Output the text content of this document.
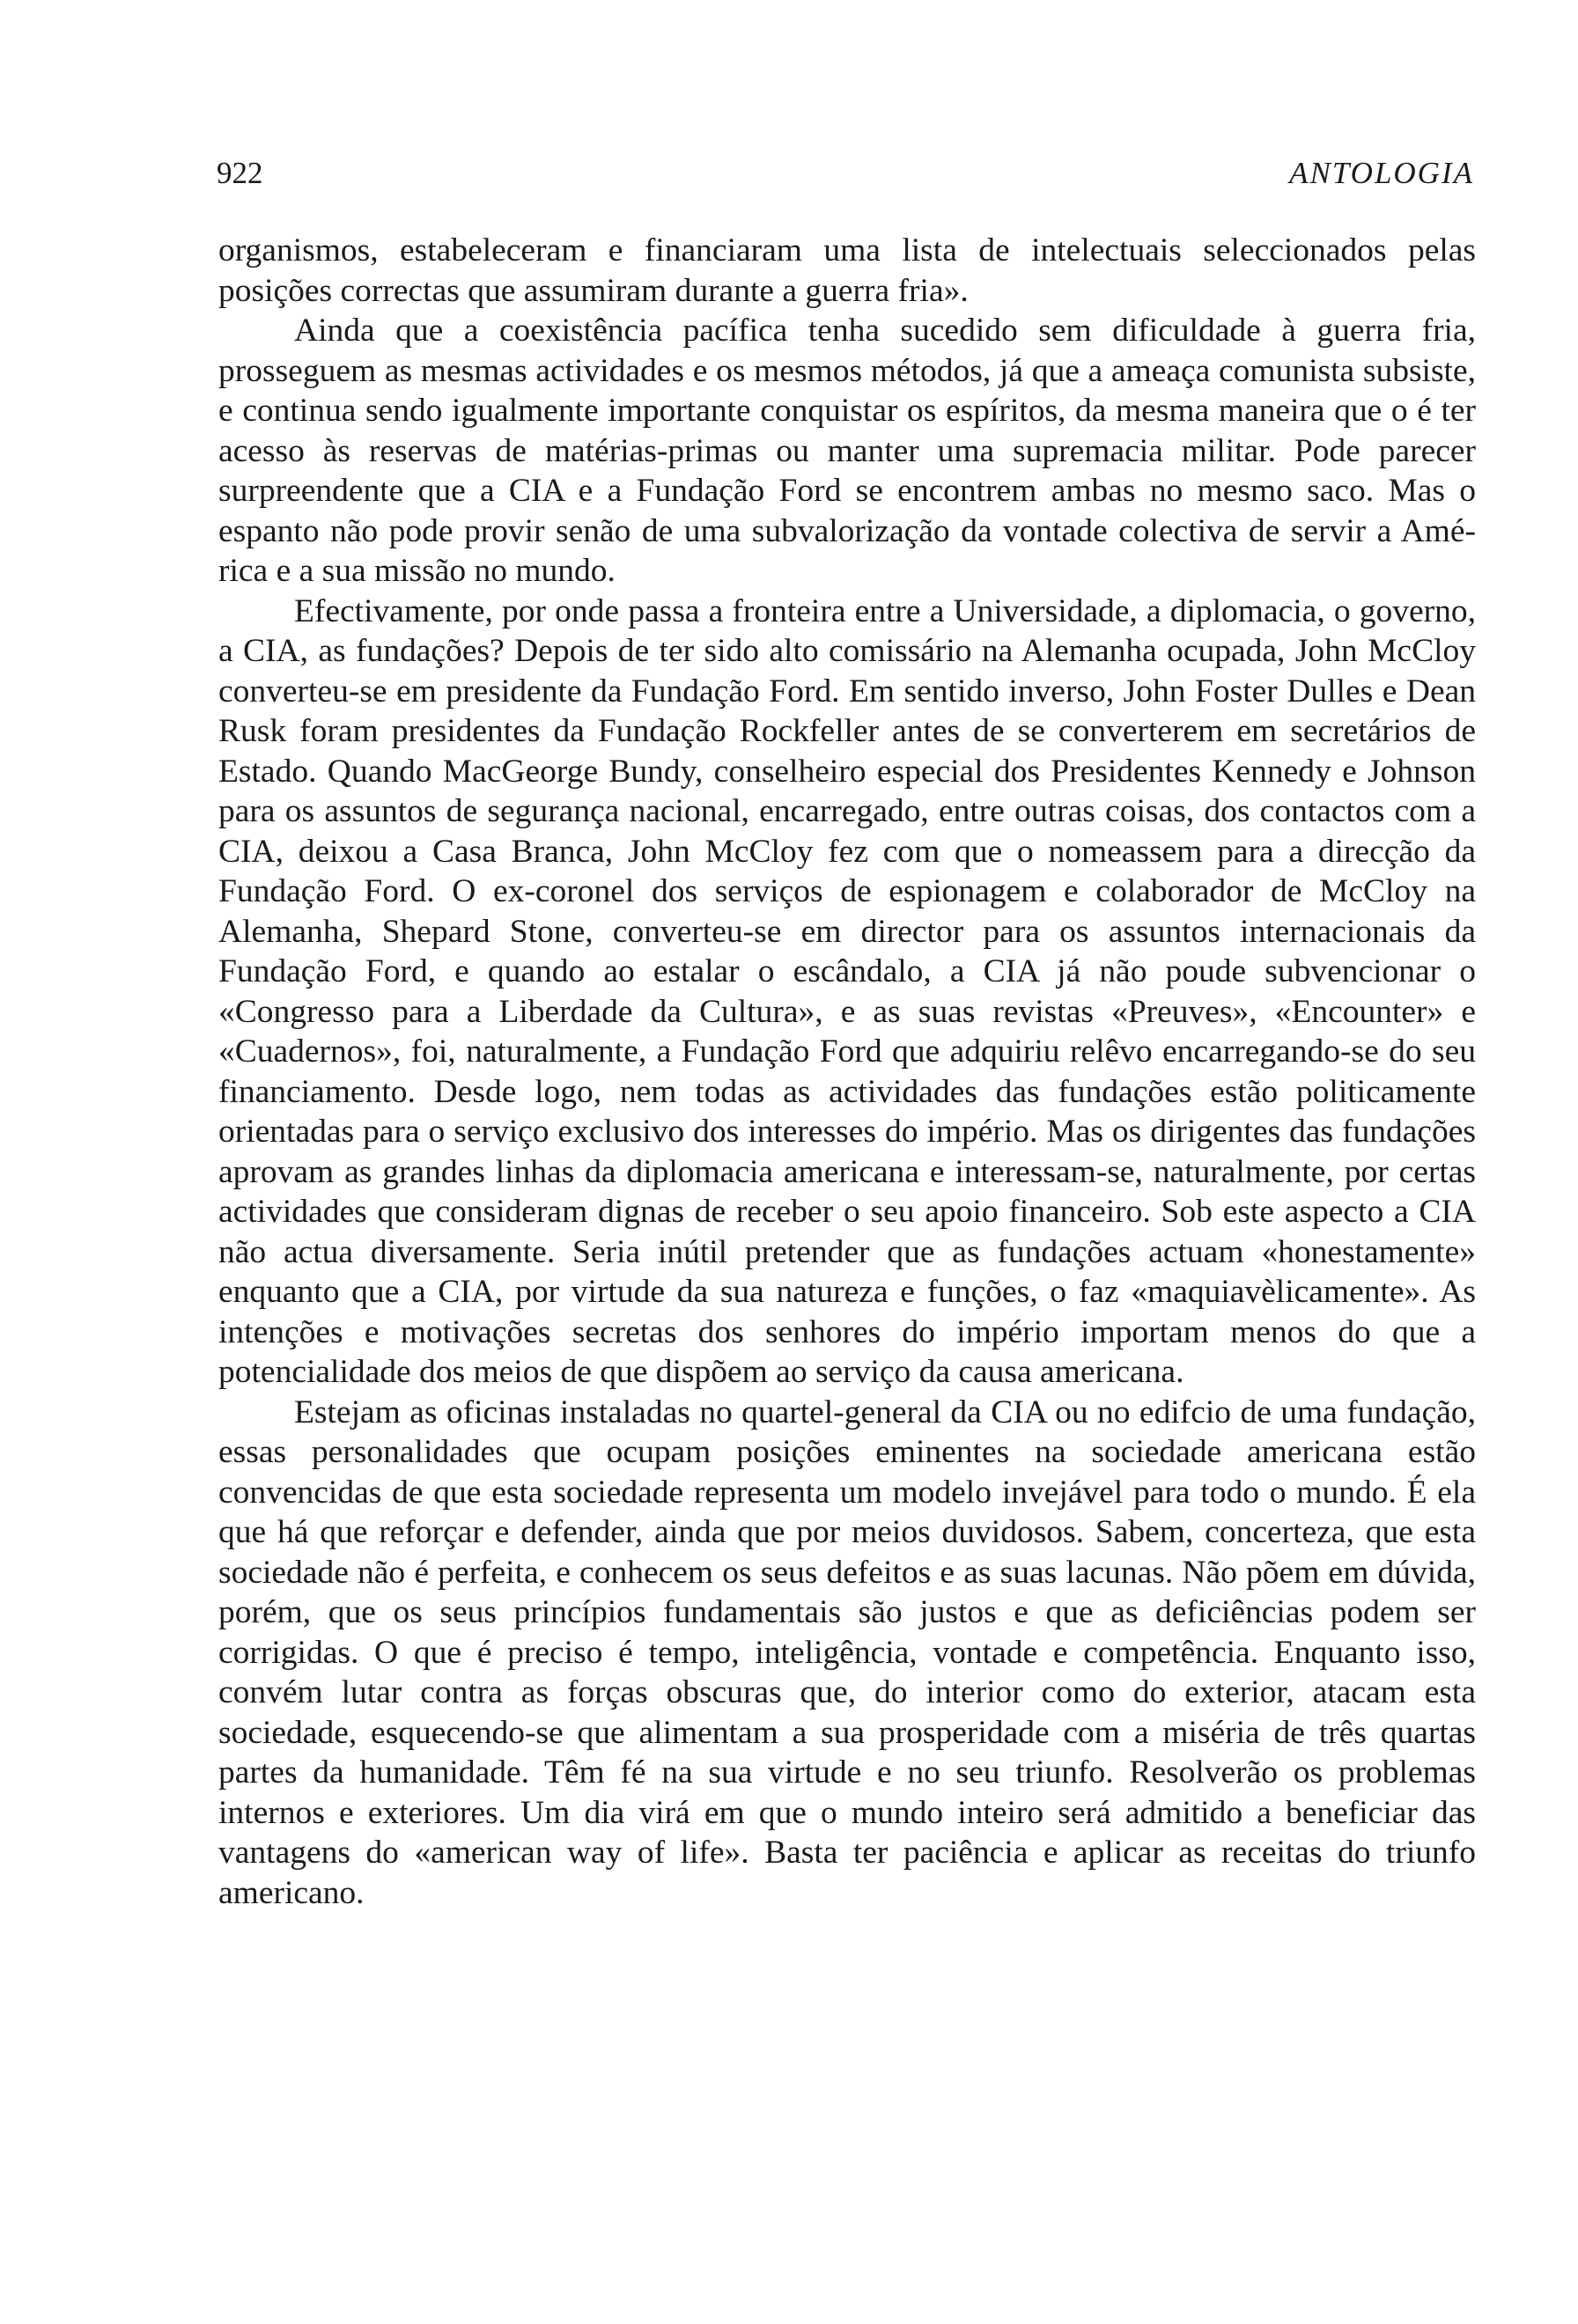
922	ANTOLOGIA

organismos, estabeleceram e financiaram uma lista de intelectuais seleccionados pelas posições correctas que assumiram durante a guerra fria».

Ainda que a coexistência pacífica tenha sucedido sem dificuldade à guerra fria, prosseguem as mesmas actividades e os mesmos métodos, já que a ameaça comunista subsiste, e continua sendo igualmente importante conquistar os espíritos, da mesma maneira que o é ter acesso às reservas de matérias-primas ou manter uma supremacia militar. Pode parecer surpreendente que a CIA e a Fundação Ford se encontrem ambas no mesmo saco. Mas o espanto não pode provir senão de uma subvalorização da vontade colectiva de servir a América e a sua missão no mundo.

Efectivamente, por onde passa a fronteira entre a Universidade, a diplomacia, o governo, a CIA, as fundações? Depois de ter sido alto comissário na Alemanha ocupada, John McCloy converteu-se em presidente da Fundação Ford. Em sentido inverso, John Foster Dulles e Dean Rusk foram presidentes da Fundação Rockfeller antes de se converterem em secretários de Estado. Quando MacGeorge Bundy, conselheiro especial dos Presidentes Kennedy e Johnson para os assuntos de segurança nacional, encarregado, entre outras coisas, dos contactos com a CIA, deixou a Casa Branca, John McCloy fez com que o nomeassem para a direcção da Fundação Ford. O ex-coronel dos serviços de espionagem e colaborador de McCloy na Alemanha, Shepard Stone, converteu-se em director para os assuntos internacionais da Fundação Ford, e quando ao estalar o escândalo, a CIA já não poude subvencionar o «Congresso para a Liberdade da Cultura», e as suas revistas «Preuves», «Encounter» e «Cuadernos», foi, naturalmente, a Fundação Ford que adquiriu relêvo encarregando-se do seu financiamento. Desde logo, nem todas as actividades das fundações estão politicamente orientadas para o serviço exclusivo dos interesses do império. Mas os dirigentes das fundações aprovam as grandes linhas da diplomacia americana e interessam-se, naturalmente, por certas actividades que consideram dignas de receber o seu apoio financeiro. Sob este aspecto a CIA não actua diversamente. Seria inútil pretender que as fundações actuam «honestamente» enquanto que a CIA, por virtude da sua natureza e funções, o faz «maquiavèlicamente». As intenções e motivações secretas dos senhores do império importam menos do que a potencialidade dos meios de que dispõem ao serviço da causa americana.

Estejam as oficinas instaladas no quartel-general da CIA ou no edifcio de uma fundação, essas personalidades que ocupam posições eminentes na sociedade americana estão convencidas de que esta sociedade representa um modelo invejável para todo o mundo. É ela que há que reforçar e defender, ainda que por meios duvidosos. Sabem, concerteza, que esta sociedade não é perfeita, e conhecem os seus defeitos e as suas lacunas. Não põem em dúvida, porém, que os seus princípios fundamentais são justos e que as deficiências podem ser corrigidas. O que é preciso é tempo, inteligência, vontade e competência. Enquanto isso, convém lutar contra as forças obscuras que, do interior como do exterior, atacam esta sociedade, esquecendo-se que alimentam a sua prosperidade com a miséria de três quartas partes da humanidade. Têm fé na sua virtude e no seu triunfo. Resolverão os problemas internos e exteriores. Um dia virá em que o mundo inteiro será admitido a beneficiar das vantagens do «american way of life». Basta ter paciência e aplicar as receitas do triunfo americano.
